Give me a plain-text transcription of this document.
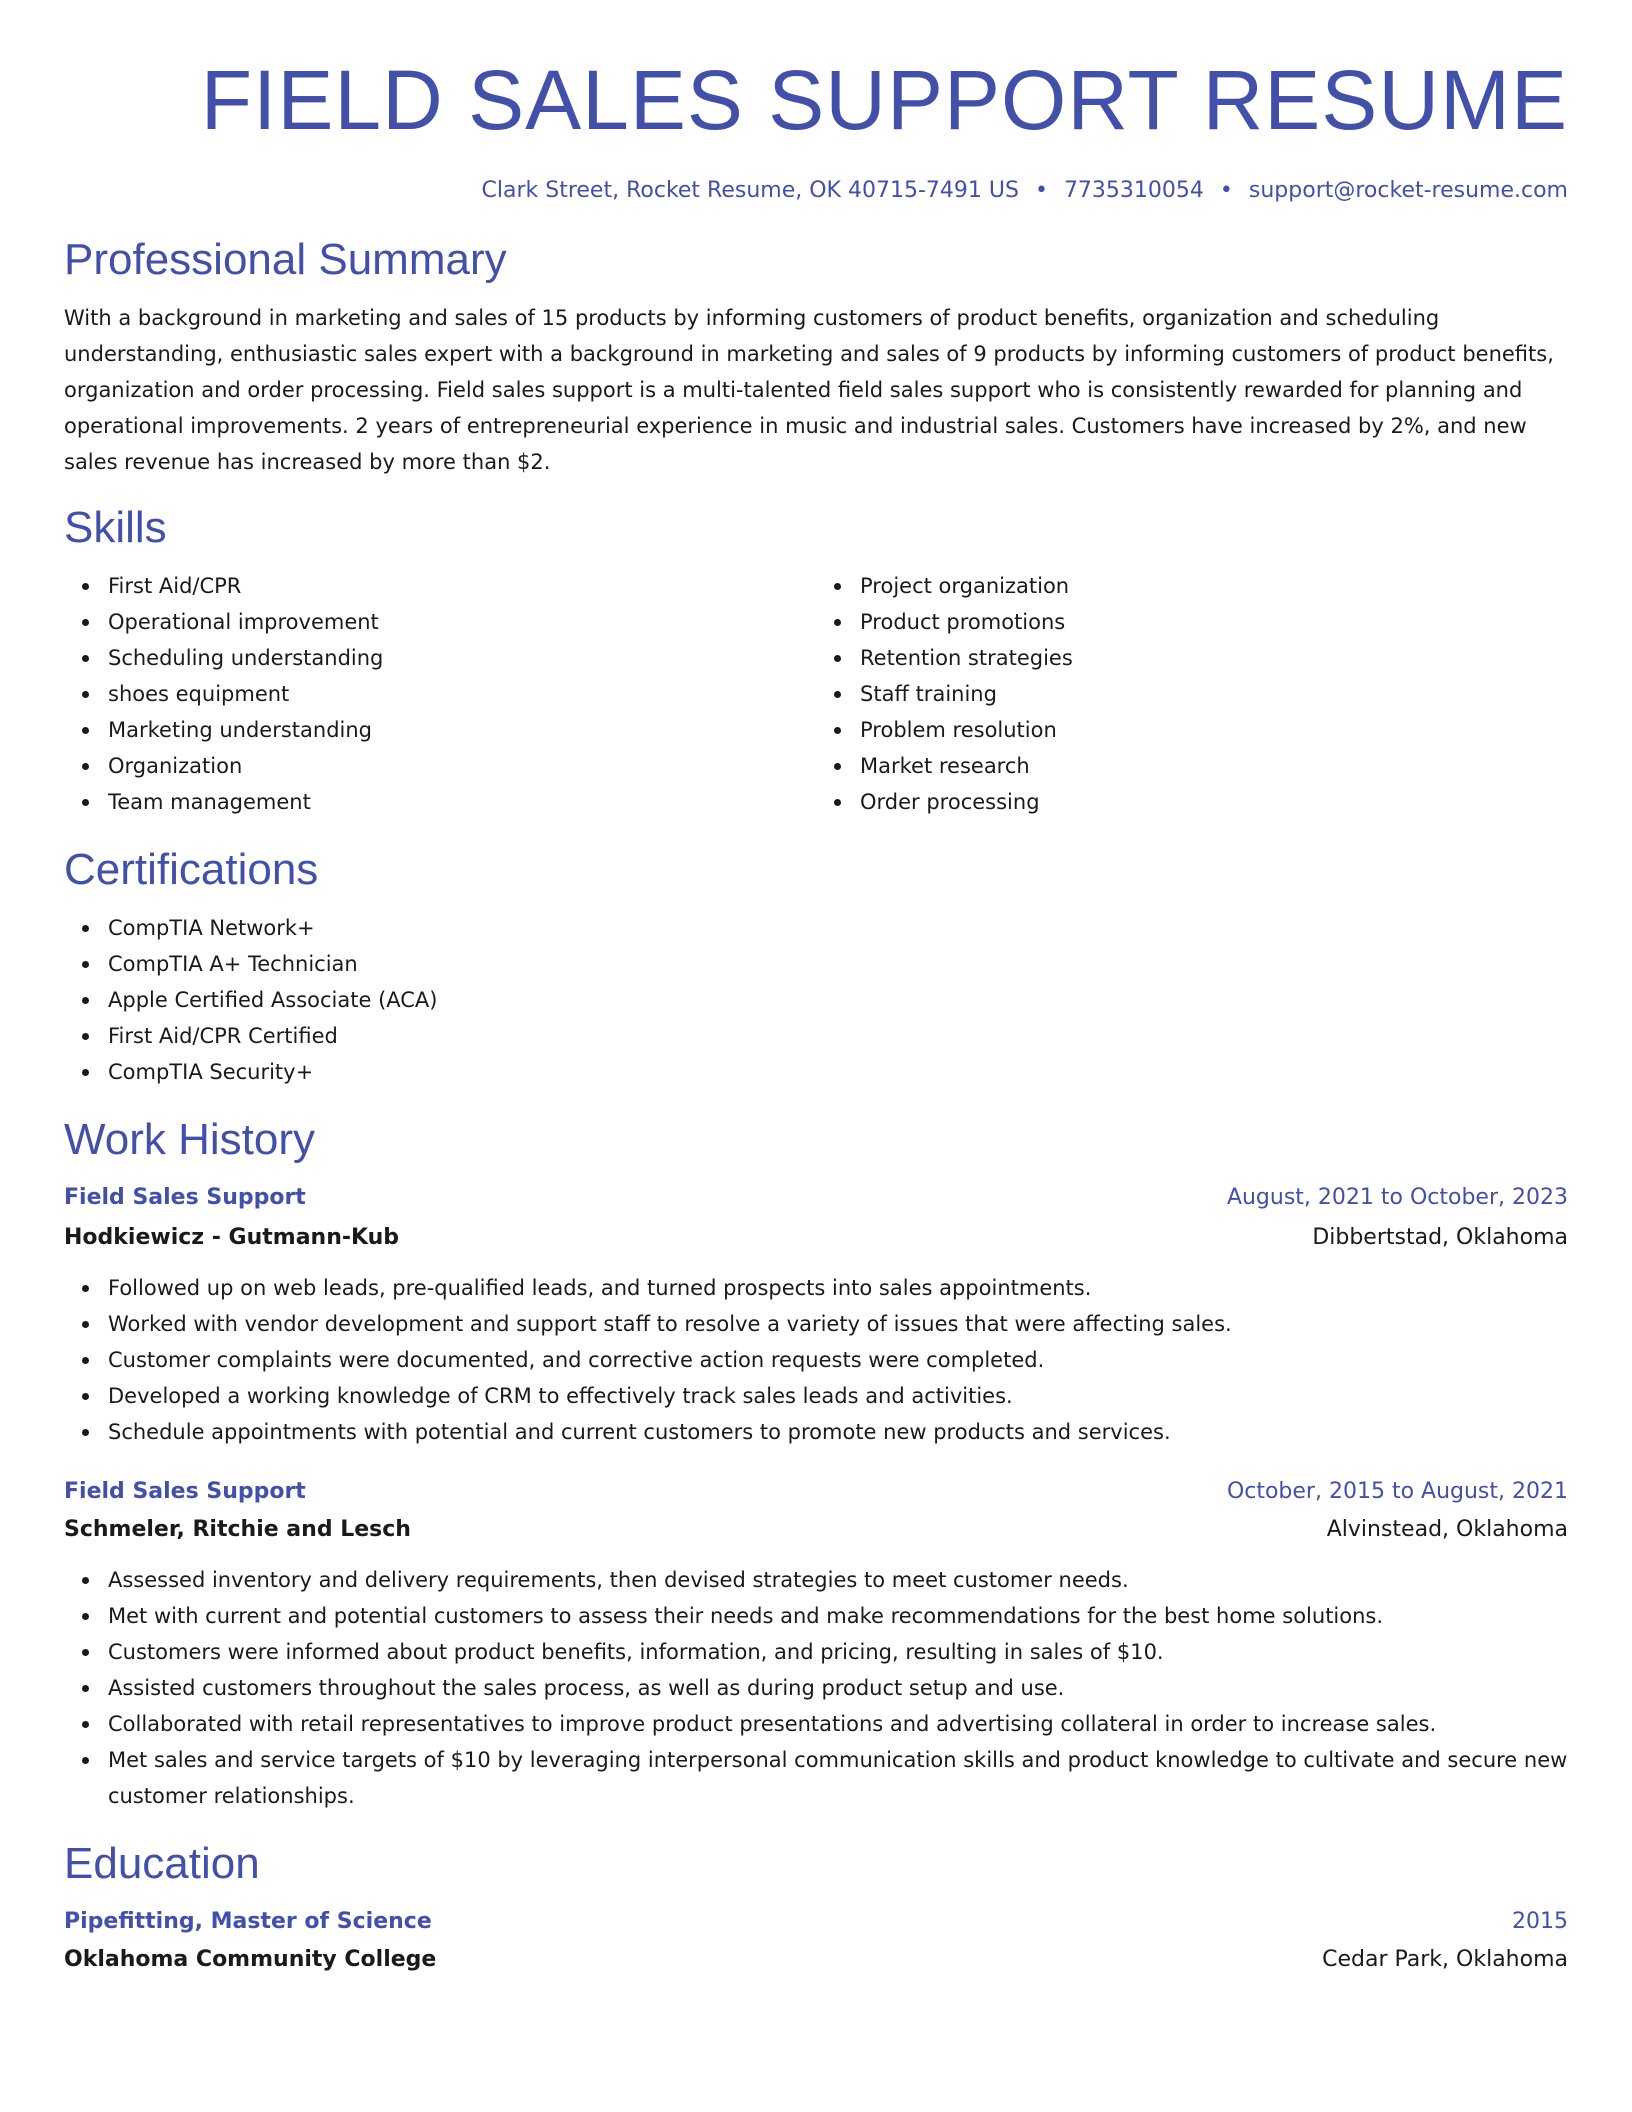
FIELD SALES SUPPORT RESUME
Clark Street, Rocket Resume, OK 40715-7491 US • 7735310054 • support@rocket-resume.com
Professional Summary

With a background in marketing and sales of 15 products by informing customers of product benefits, organization and scheduling understanding, enthusiastic sales expert with a background in marketing and sales of 9 products by informing customers of product benefits, organization and order processing. Field sales support is a multi-talented field sales support who is consistently rewarded for planning and operational improvements. 2 years of entrepreneurial experience in music and industrial sales. Customers have increased by 2%, and new sales revenue has increased by more than $2.

Skills
First Aid/CPR
Operational improvement
Scheduling understanding
shoes equipment
Marketing understanding
Organization
Team management
Project organization
Product promotions
Retention strategies
Staff training
Problem resolution
Market research
Order processing
Certifications
CompTIA Network+
CompTIA A+ Technician
Apple Certified Associate (ACA)
First Aid/CPR Certified
CompTIA Security+
Work History
Field Sales Support	August, 2021 to October, 2023
Hodkiewicz - Gutmann-Kub	Dibbertstad, Oklahoma
Followed up on web leads, pre-qualified leads, and turned prospects into sales appointments.
Worked with vendor development and support staff to resolve a variety of issues that were affecting sales.
Customer complaints were documented, and corrective action requests were completed.
Developed a working knowledge of CRM to effectively track sales leads and activities.
Schedule appointments with potential and current customers to promote new products and services.
Field Sales Support	October, 2015 to August, 2021
Schmeler, Ritchie and Lesch	Alvinstead, Oklahoma
Assessed inventory and delivery requirements, then devised strategies to meet customer needs.
Met with current and potential customers to assess their needs and make recommendations for the best home solutions.
Customers were informed about product benefits, information, and pricing, resulting in sales of $10.
Assisted customers throughout the sales process, as well as during product setup and use.
Collaborated with retail representatives to improve product presentations and advertising collateral in order to increase sales.
Met sales and service targets of $10 by leveraging interpersonal communication skills and product knowledge to cultivate and secure new customer relationships.
Education
Pipefitting, Master of Science	2015
Oklahoma Community College	Cedar Park, Oklahoma
